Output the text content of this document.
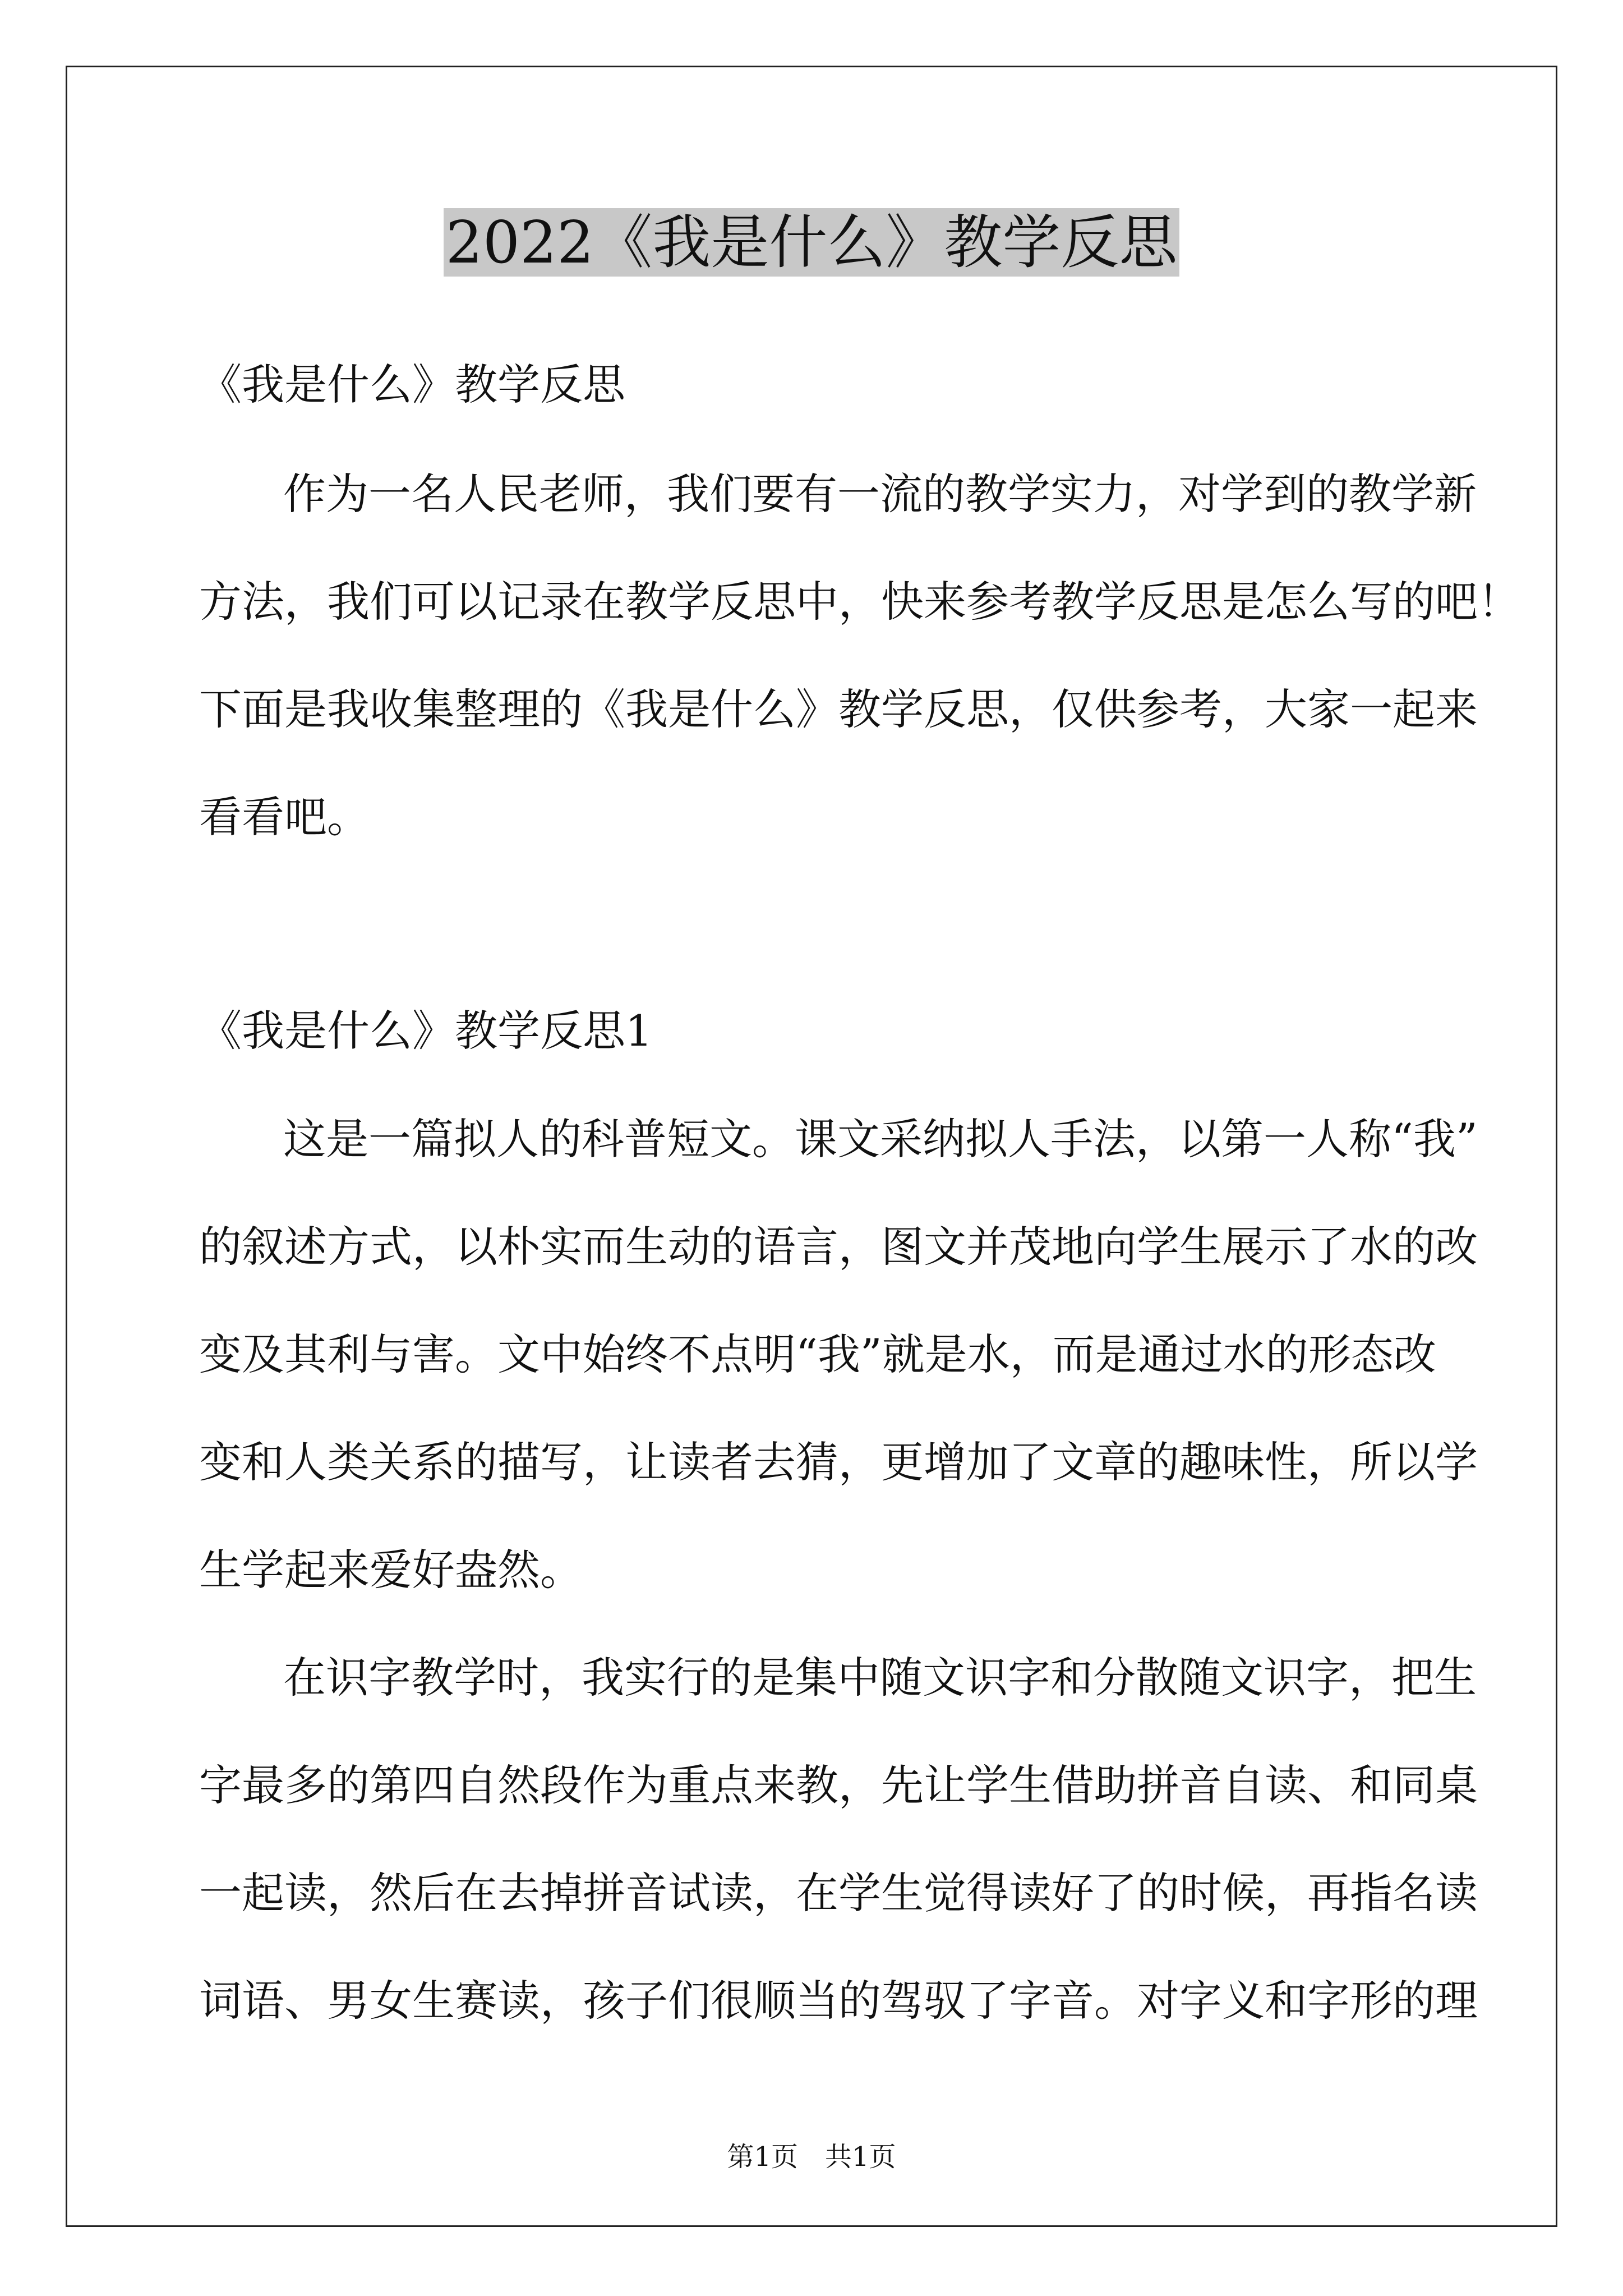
2022《我是什么》教学反思
《我是什么》教学反思
作为一名人民老师，我们要有一流的教学实力，对学到的教学新
方法，我们可以记录在教学反思中，快来参考教学反思是怎么写的吧！
下面是我收集整理的《我是什么》教学反思，仅供参考，大家一起来
看看吧。
《我是什么》教学反思1
这是一篇拟人的科普短文。课文采纳拟人手法，以第一人称“我”
的叙述方式，以朴实而生动的语言，图文并茂地向学生展示了水的改
变及其利与害。文中始终不点明“我”就是水，而是通过水的形态改
变和人类关系的描写，让读者去猜，更增加了文章的趣味性，所以学
生学起来爱好盎然。
在识字教学时，我实行的是集中随文识字和分散随文识字，把生
字最多的第四自然段作为重点来教，先让学生借助拼音自读、和同桌
一起读，然后在去掉拼音试读，在学生觉得读好了的时候，再指名读
词语、男女生赛读，孩子们很顺当的驾驭了字音。对字义和字形的理
第1页　共1页
